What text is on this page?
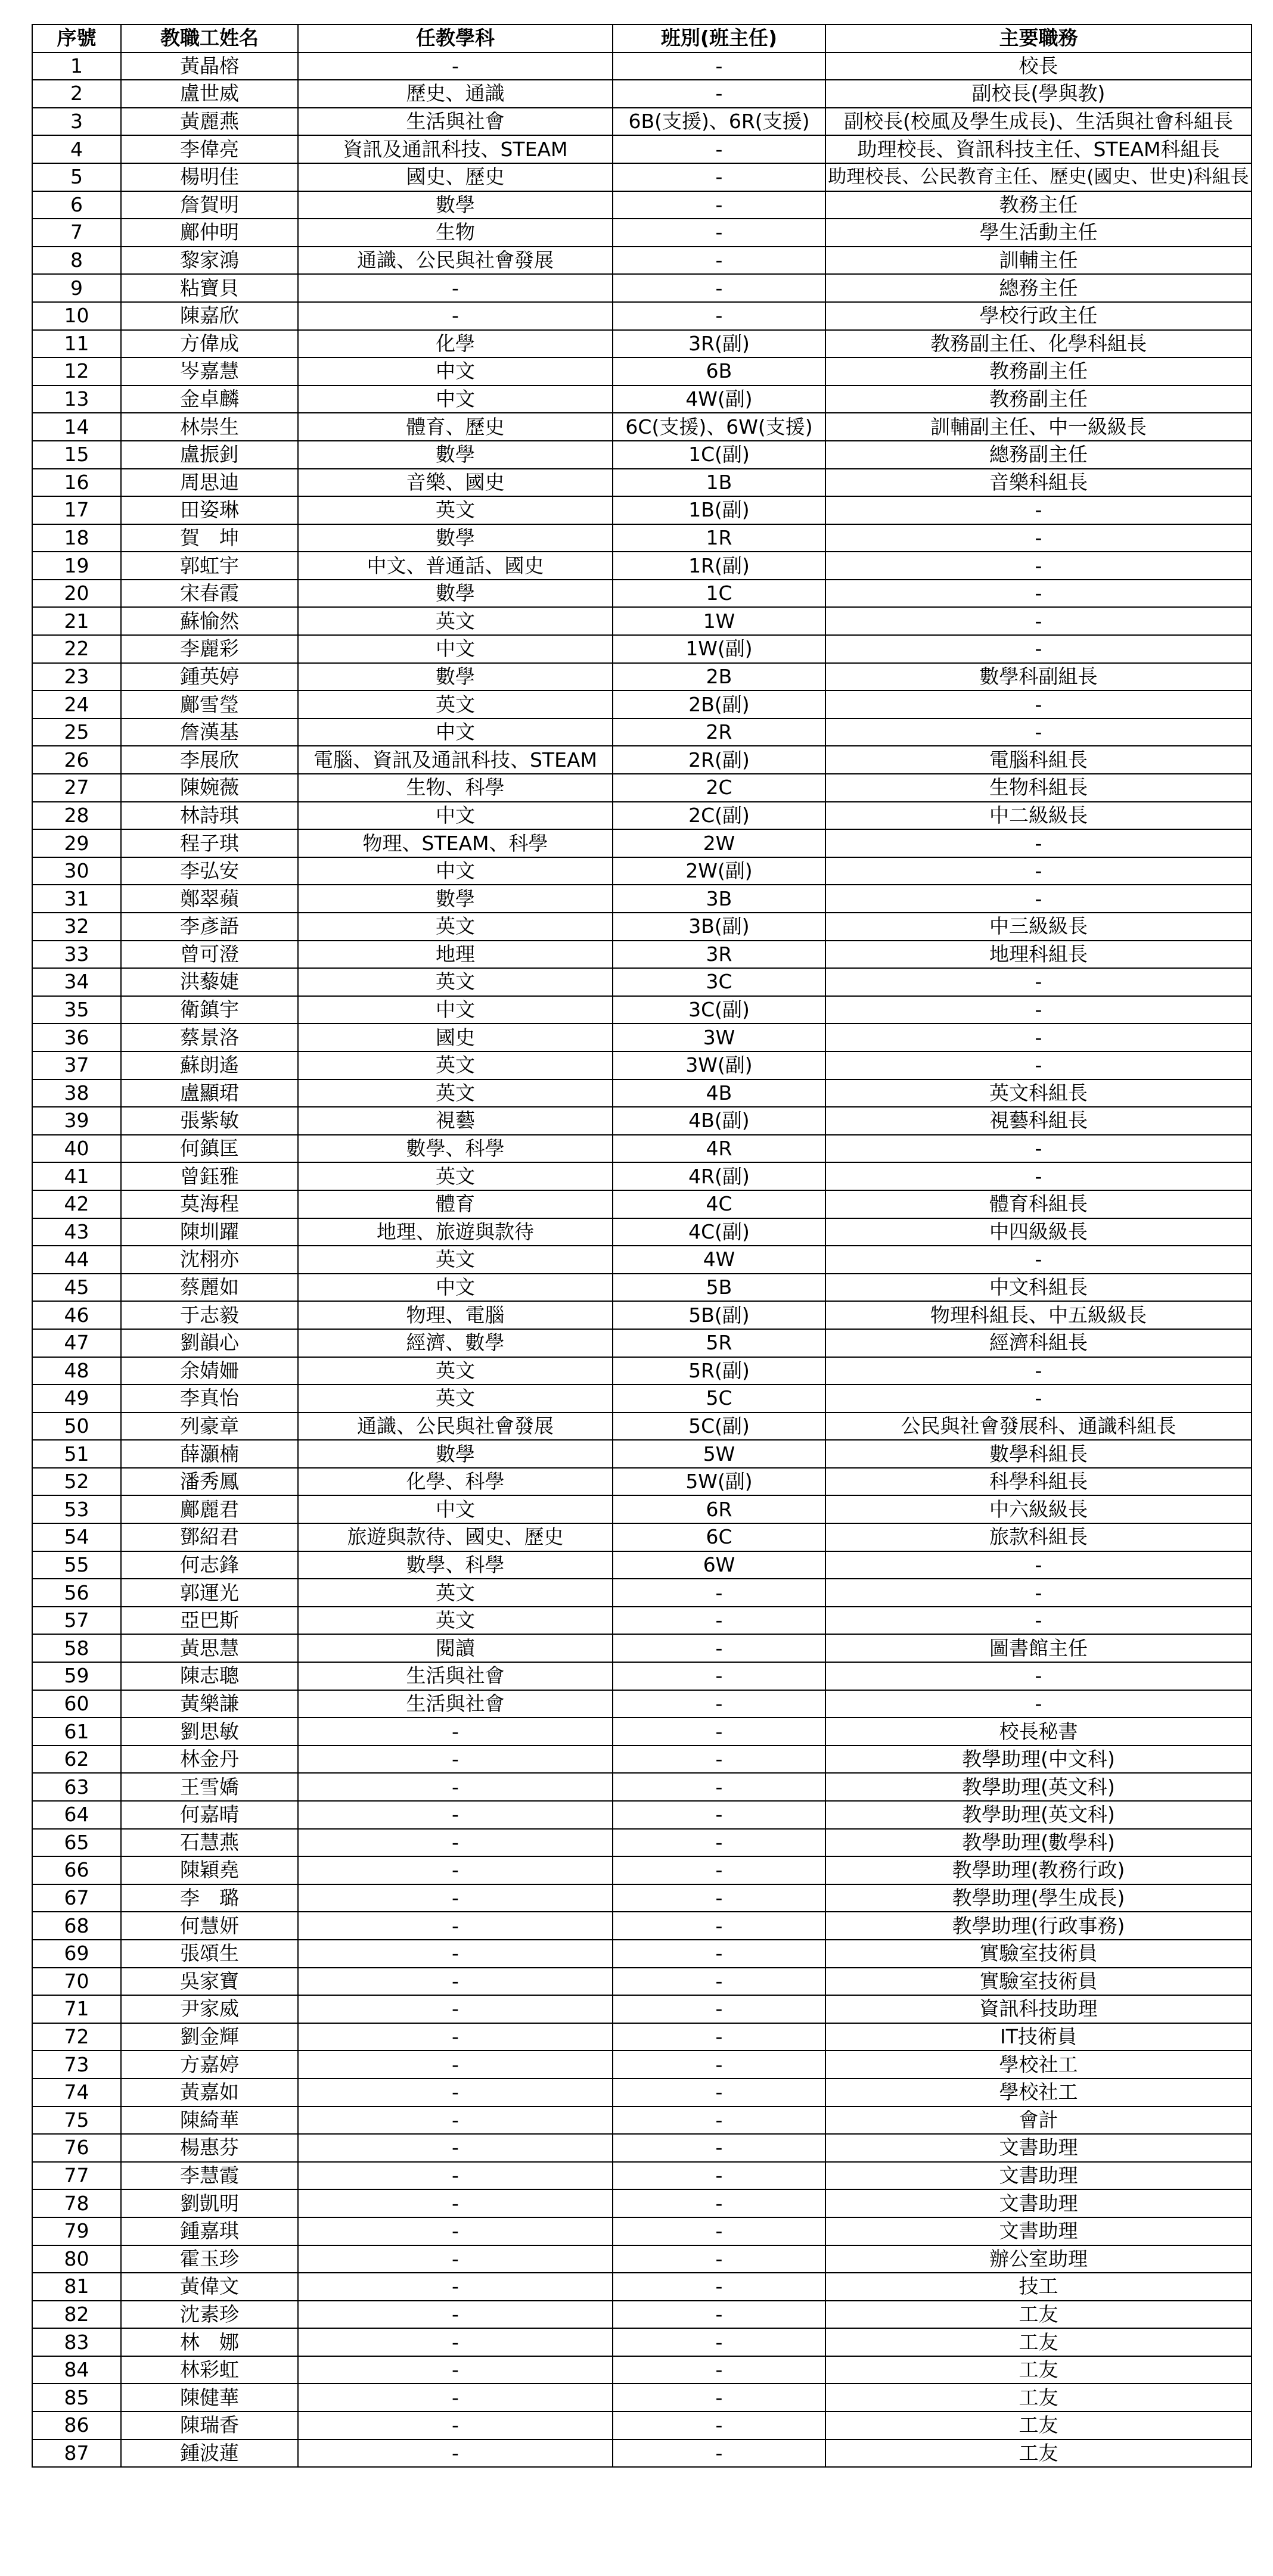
序號	教職工姓名	任教學科	班別(班主任)	主要職務
1	黃晶榕	-	-	校長
2	盧世威	歷史、通識	-	副校長(學與教)
3	黃麗燕	生活與社會	6B(支援)、6R(支援)	副校長(校風及學生成長)、生活與社會科組長
4	李偉亮	資訊及通訊科技、STEAM	-	助理校長、資訊科技主任、STEAM科組長
5	楊明佳	國史、歷史	-	助理校長、公民教育主任、歷史(國史、世史)科組長
6	詹賀明	數學	-	教務主任
7	鄺仲明	生物	-	學生活動主任
8	黎家鴻	通識、公民與社會發展	-	訓輔主任
9	粘寶貝	-	-	總務主任
10	陳嘉欣	-	-	學校行政主任
11	方偉成	化學	3R(副)	教務副主任、化學科組長
12	岑嘉慧	中文	6B	教務副主任
13	金卓麟	中文	4W(副)	教務副主任
14	林崇生	體育、歷史	6C(支援)、6W(支援)	訓輔副主任、中一級級長
15	盧振釗	數學	1C(副)	總務副主任
16	周思迪	音樂、國史	1B	音樂科組長
17	田姿琳	英文	1B(副)	-
18	賀　坤	數學	1R	-
19	郭虹宇	中文、普通話、國史	1R(副)	-
20	宋春霞	數學	1C	-
21	蘇愉然	英文	1W	-
22	李麗彩	中文	1W(副)	-
23	鍾英婷	數學	2B	數學科副組長
24	鄺雪瑩	英文	2B(副)	-
25	詹漢基	中文	2R	-
26	李展欣	電腦、資訊及通訊科技、STEAM	2R(副)	電腦科組長
27	陳婉薇	生物、科學	2C	生物科組長
28	林詩琪	中文	2C(副)	中二級級長
29	程子琪	物理、STEAM、科學	2W	-
30	李弘安	中文	2W(副)	-
31	鄭翠蘋	數學	3B	-
32	李彥語	英文	3B(副)	中三級級長
33	曾可澄	地理	3R	地理科組長
34	洪藜婕	英文	3C	-
35	衛鎮宇	中文	3C(副)	-
36	蔡景洛	國史	3W	-
37	蘇朗遙	英文	3W(副)	-
38	盧顯珺	英文	4B	英文科組長
39	張紫敏	視藝	4B(副)	視藝科組長
40	何鎮匡	數學、科學	4R	-
41	曾鈺雅	英文	4R(副)	-
42	莫海程	體育	4C	體育科組長
43	陳圳躍	地理、旅遊與款待	4C(副)	中四級級長
44	沈栩亦	英文	4W	-
45	蔡麗如	中文	5B	中文科組長
46	于志毅	物理、電腦	5B(副)	物理科組長、中五級級長
47	劉韻心	經濟、數學	5R	經濟科組長
48	余婧姍	英文	5R(副)	-
49	李真怡	英文	5C	-
50	列豪章	通識、公民與社會發展	5C(副)	公民與社會發展科、通識科組長
51	薛灝楠	數學	5W	數學科組長
52	潘秀鳳	化學、科學	5W(副)	科學科組長
53	鄺麗君	中文	6R	中六級級長
54	鄧紹君	旅遊與款待、國史、歷史	6C	旅款科組長
55	何志鋒	數學、科學	6W	-
56	郭運光	英文	-	-
57	亞巴斯	英文	-	-
58	黃思慧	閱讀	-	圖書館主任
59	陳志聰	生活與社會	-	-
60	黃樂謙	生活與社會	-	-
61	劉思敏	-	-	校長秘書
62	林金丹	-	-	教學助理(中文科)
63	王雪嬌	-	-	教學助理(英文科)
64	何嘉晴	-	-	教學助理(英文科)
65	石慧燕	-	-	教學助理(數學科)
66	陳穎堯	-	-	教學助理(教務行政)
67	李　璐	-	-	教學助理(學生成長)
68	何慧妍	-	-	教學助理(行政事務)
69	張頌生	-	-	實驗室技術員
70	吳家寶	-	-	實驗室技術員
71	尹家威	-	-	資訊科技助理
72	劉金輝	-	-	IT技術員
73	方嘉婷	-	-	學校社工
74	黃嘉如	-	-	學校社工
75	陳綺華	-	-	會計
76	楊惠芬	-	-	文書助理
77	李慧霞	-	-	文書助理
78	劉凱明	-	-	文書助理
79	鍾嘉琪	-	-	文書助理
80	霍玉珍	-	-	辦公室助理
81	黃偉文	-	-	技工
82	沈素珍	-	-	工友
83	林　娜	-	-	工友
84	林彩虹	-	-	工友
85	陳健華	-	-	工友
86	陳瑞香	-	-	工友
87	鍾波蓮	-	-	工友
